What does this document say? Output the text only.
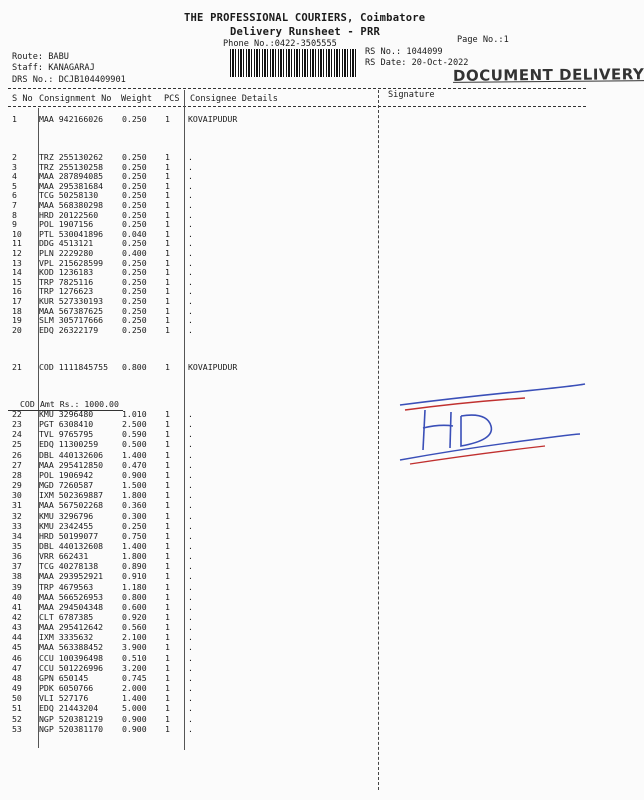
THE PROFESSIONAL COURIERS, Coimbatore
Delivery Runsheet - PRR
Phone No.:0422-3505555	Page No.:1
Route: BABU
Staff: KANAGARAJ
DRS No.: DCJB104409901
RS No.: 1044099
RS Date: 20-Oct-2022
DOCUMENT DELIVERY
S No Consignment No Weight PCS Consignee Details	Signature
1	MAA 942166026 0.250 1 KOVAIPUDUR
2	TRZ 255130262 0.250 1 .
3	TRZ 255130258 0.250 1 .
4	MAA 287894085 0.250 1 .
5	MAA 295381684 0.250 1 .
6	TCG 50258130	0.250 1 .
7	MAA 568380298 0.250 1 .
8	HRD 20122560	0.250 1 .
9	POL 1907156	0.250 1 .
10 PTL 530041896 0.040 1 .
11 DDG 4513121	0.250 1 .
12 PLN 2229280	0.400 1 .
13 VPL 215628599 0.250 1 .
14 KOD 1236183	0.250 1 .
15 TRP 7825116	0.250 1 .
16 TRP 1276623	0.250 1 .
17 KUR 527330193 0.250 1 .
18 MAA 567387625 0.250 1 .
19 SLM 305717666 0.250 1 .
20 EDQ 26322179	0.250 1 .
21 COD 1111845755 0.800 1 KOVAIPUDUR
22 KMU 3296480	1.010 1 .
23 PGT 6308410	2.500 1 .
24 TVL 9765795	0.590 1 .
25 EDQ 11300259	0.500 1 .
26 DBL 440132606 1.400 1 .
27 MAA 295412850 0.470 1 .
28 POL 1906942	0.900 1 .
29 MGD 7260587	1.500 1 .
30 IXM 502369887 1.800 1 .
31 MAA 567502268 0.360 1 .
32 KMU 3296796	0.300 1 .
33 KMU 2342455	0.250 1 .
34 HRD 50199077	0.750 1 .
35 DBL 440132608 1.400 1 .
36 VRR 662431	1.800 1 .
37 TCG 40278138	0.890 1 .
38 MAA 293952921 0.910 1 .
39 TRP 4679563	1.180 1 .
40 MAA 566526953 0.800 1 .
41 MAA 294504348 0.600 1 .
42 CLT 6787385	0.920 1 .
43 MAA 295412642 0.560 1 .
44 IXM 3335632	2.100 1 .
45 MAA 563388452 3.900 1 .
46 CCU 100396498 0.510 1 .
47 CCU 501226996 3.200 1 .
48 GPN 650145	0.745 1 .
49 PDK 6050766	2.000 1 .
50 VLI 527176	1.400 1 .
51 EDQ 21443204	5.000 1 .
52 NGP 520381219 0.900 1 .
53 NGP 520381170 0.900 1 .
COD Amt Rs.: 1000.00
